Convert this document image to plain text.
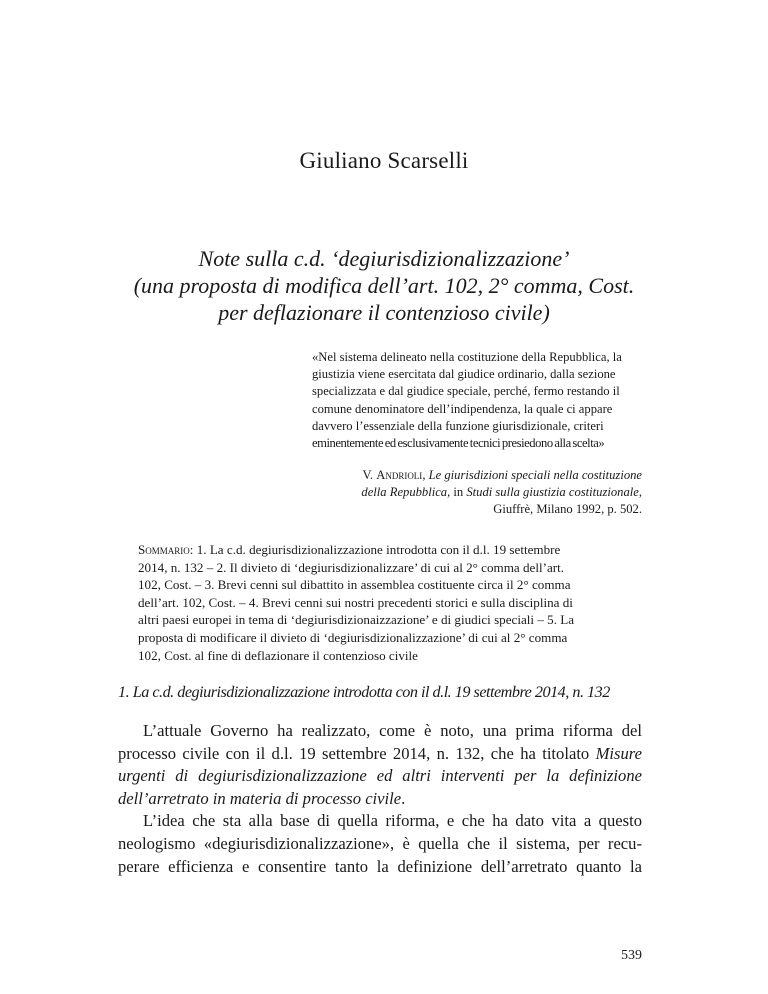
Giuliano Scarselli
Note sulla c.d. ‘degiurisdizionalizzazione’
(una proposta di modifica dell’art. 102, 2° comma, Cost.
per deflazionare il contenzioso civile)
«Nel sistema delineato nella costituzione della Repubblica, la
giustizia viene esercitata dal giudice ordinario, dalla sezione
specializzata e dal giudice speciale, perché, fermo restando il
comune denominatore dell’indipendenza, la quale ci appare
davvero l’essenziale della funzione giurisdizionale, criteri
eminentemente ed esclusivamente tecnici presiedono alla scelta»
V. Andrioli, Le giurisdizioni speciali nella costituzione
della Repubblica, in Studi sulla giustizia costituzionale,
Giuffrè, Milano 1992, p. 502.
Sommario: 1. La c.d. degiurisdizionalizzazione introdotta con il d.l. 19 settembre
2014, n. 132 – 2. Il divieto di ‘degiurisdizionalizzare’ di cui al 2° comma dell’art.
102, Cost. – 3. Brevi cenni sul dibattito in assemblea costituente circa il 2° comma
dell’art. 102, Cost. – 4. Brevi cenni sui nostri precedenti storici e sulla disciplina di
altri paesi europei in tema di ‘degiurisdizionaizzazione’ e di giudici speciali – 5. La
proposta di modificare il divieto di ‘degiurisdizionalizzazione’ di cui al 2° comma
102, Cost. al fine di deflazionare il contenzioso civile
1. La c.d. degiurisdizionalizzazione introdotta con il d.l. 19 settembre 2014, n. 132
L’attuale Governo ha realizzato, come è noto, una prima riforma del
processo civile con il d.l. 19 settembre 2014, n. 132, che ha titolato Misure
urgenti di degiurisdizionalizzazione ed altri interventi per la definizione
dell’arretrato in materia di processo civile.
L’idea che sta alla base di quella riforma, e che ha dato vita a questo
neologismo «degiurisdizionalizzazione», è quella che il sistema, per recu-
perare efficienza e consentire tanto la definizione dell’arretrato quanto la
539
